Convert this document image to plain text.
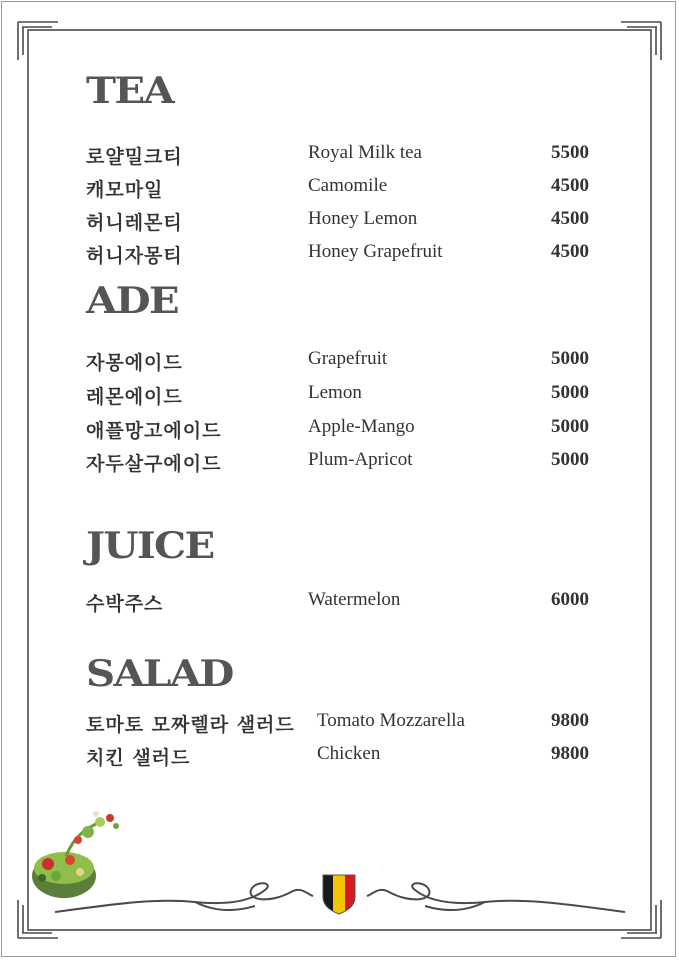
TEA
로얄밀크티	Royal Milk tea	5500
캐모마일	Camomile	4500
허니레몬티	Honey Lemon	4500
허니자몽티	Honey Grapefruit	4500
ADE
자몽에이드	Grapefruit	5000
레몬에이드	Lemon	5000
애플망고에이드	Apple-Mango	5000
자두살구에이드	Plum-Apricot	5000
JUICE
수박주스	Watermelon	6000
SALAD
토마토 모짜렐라 샐러드 Tomato Mozzarella	9800
치킨 샐러드	Chicken	9800
